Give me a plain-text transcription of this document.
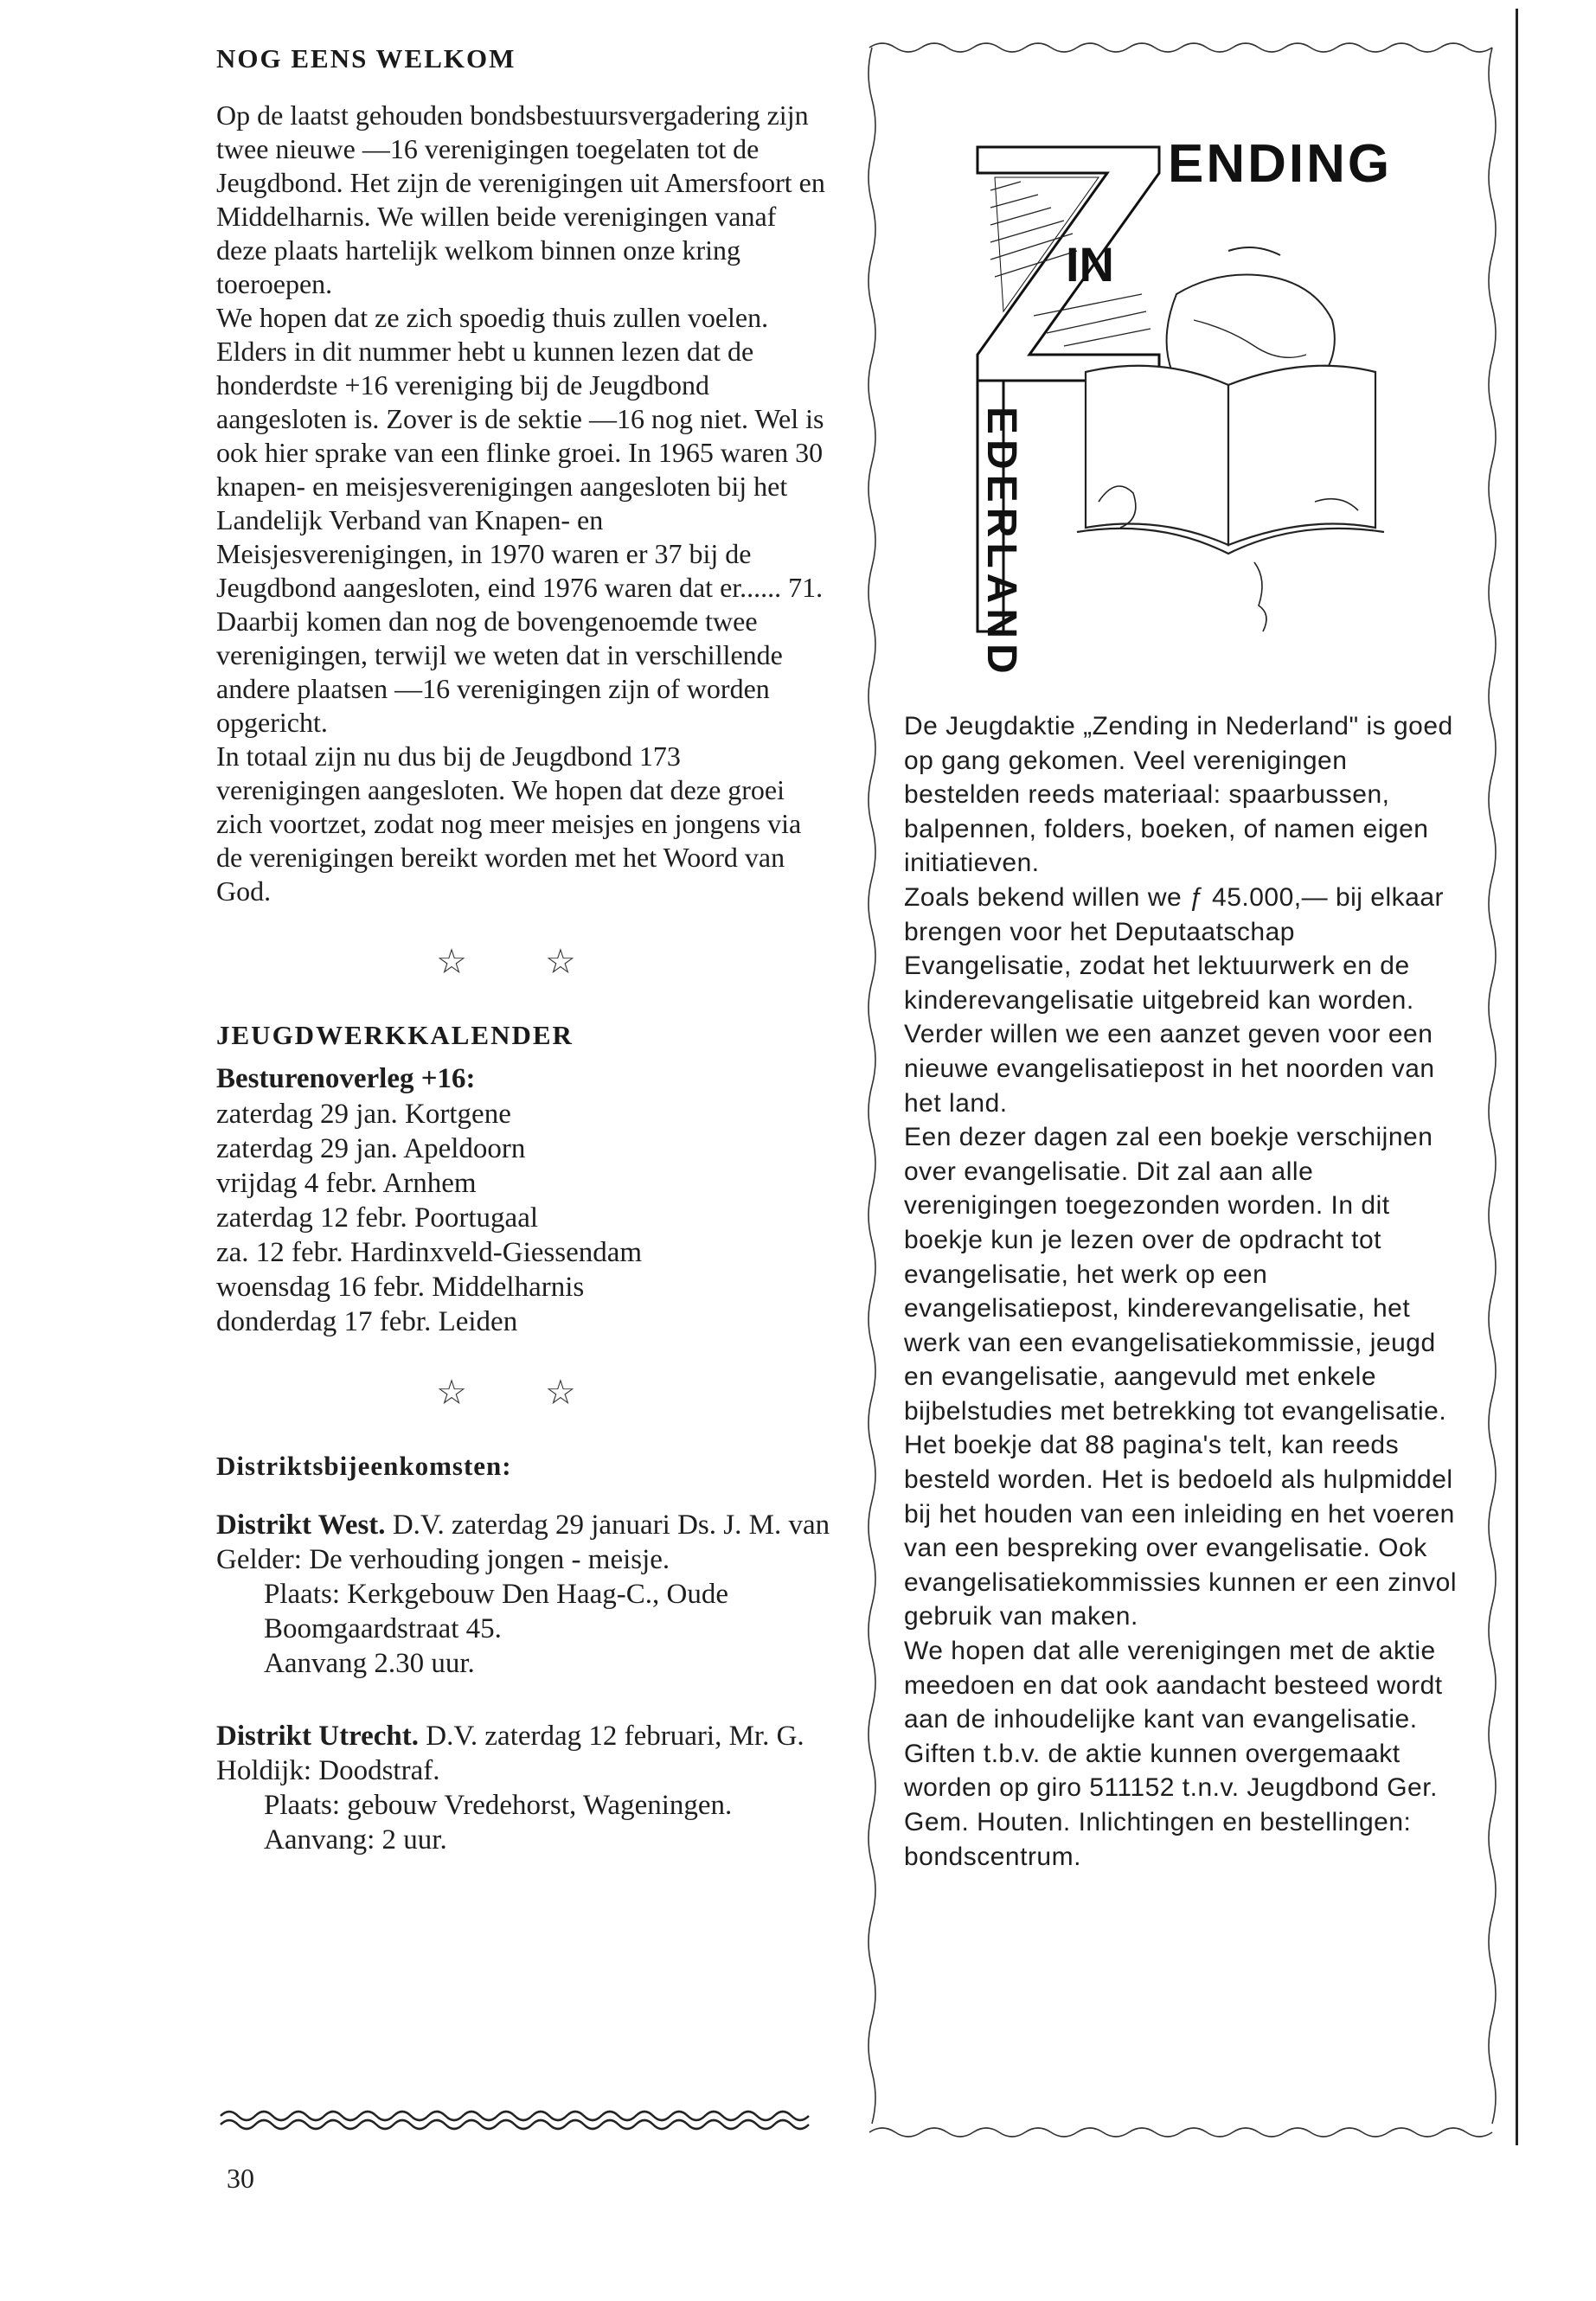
NOG EENS WELKOM

Op de laatst gehouden bondsbestuursvergadering zijn twee nieuwe —16 verenigingen toegelaten tot de Jeugdbond. Het zijn de verenigingen uit Amersfoort en Middelharnis. We willen beide verenigingen vanaf deze plaats hartelijk welkom binnen onze kring toeroepen.

We hopen dat ze zich spoedig thuis zullen voelen.

Elders in dit nummer hebt u kunnen lezen dat de honderdste +16 vereniging bij de Jeugdbond aangesloten is. Zover is de sektie —16 nog niet. Wel is ook hier sprake van een flinke groei. In 1965 waren 30 knapen- en meisjesverenigingen aangesloten bij het Landelijk Verband van Knapen- en Meisjesverenigingen, in 1970 waren er 37 bij de Jeugdbond aangesloten, eind 1976 waren dat er...... 71. Daarbij komen dan nog de bovengenoemde twee verenigingen, terwijl we weten dat in verschillende andere plaatsen —16 verenigingen zijn of worden opgericht.

In totaal zijn nu dus bij de Jeugdbond 173 verenigingen aangesloten. We hopen dat deze groei zich voortzet, zodat nog meer meisjes en jongens via de verenigingen bereikt worden met het Woord van God.

☆ ☆
JEUGDWERKKALENDER

Besturenoverleg +16:

zaterdag 29 jan. Kortgene

zaterdag 29 jan. Apeldoorn

vrijdag 4 febr. Arnhem

zaterdag 12 febr. Poortugaal

za. 12 febr. Hardinxveld-Giessendam

woensdag 16 febr. Middelharnis

donderdag 17 febr. Leiden

☆ ☆

Distriktsbijeenkomsten:

Distrikt West. D.V. zaterdag 29 januari Ds. J. M. van Gelder: De verhouding jongen - meisje.
Plaats: Kerkgebouw Den Haag-C., Oude Boomgaardstraat 45.
Aanvang 2.30 uur.
Distrikt Utrecht. D.V. zaterdag 12 februari, Mr. G. Holdijk: Doodstraf.
Plaats: gebouw Vredehorst, Wageningen. Aanvang: 2 uur.
30
ENDING
IN
EDERLAND

De Jeugdaktie „Zending in Nederland" is goed op gang gekomen. Veel verenigingen bestelden reeds materiaal: spaarbussen, balpennen, folders, boeken, of namen eigen initiatieven.

Zoals bekend willen we ƒ 45.000,— bij elkaar brengen voor het Deputaatschap Evangelisatie, zodat het lektuurwerk en de kinderevangelisatie uitgebreid kan worden. Verder willen we een aanzet geven voor een nieuwe evangelisatiepost in het noorden van het land.

Een dezer dagen zal een boekje verschijnen over evangelisatie. Dit zal aan alle verenigingen toegezonden worden. In dit boekje kun je lezen over de opdracht tot evangelisatie, het werk op een evangelisatiepost, kinderevangelisatie, het werk van een evangelisatiekommissie, jeugd en evangelisatie, aangevuld met enkele bijbelstudies met betrekking tot evangelisatie.

Het boekje dat 88 pagina's telt, kan reeds besteld worden. Het is bedoeld als hulpmiddel bij het houden van een inleiding en het voeren van een bespreking over evangelisatie. Ook evangelisatiekommissies kunnen er een zinvol gebruik van maken.

We hopen dat alle verenigingen met de aktie meedoen en dat ook aandacht besteed wordt aan de inhoudelijke kant van evangelisatie.

Giften t.b.v. de aktie kunnen overgemaakt worden op giro 511152 t.n.v. Jeugdbond Ger. Gem. Houten. Inlichtingen en bestellingen: bondscentrum.
